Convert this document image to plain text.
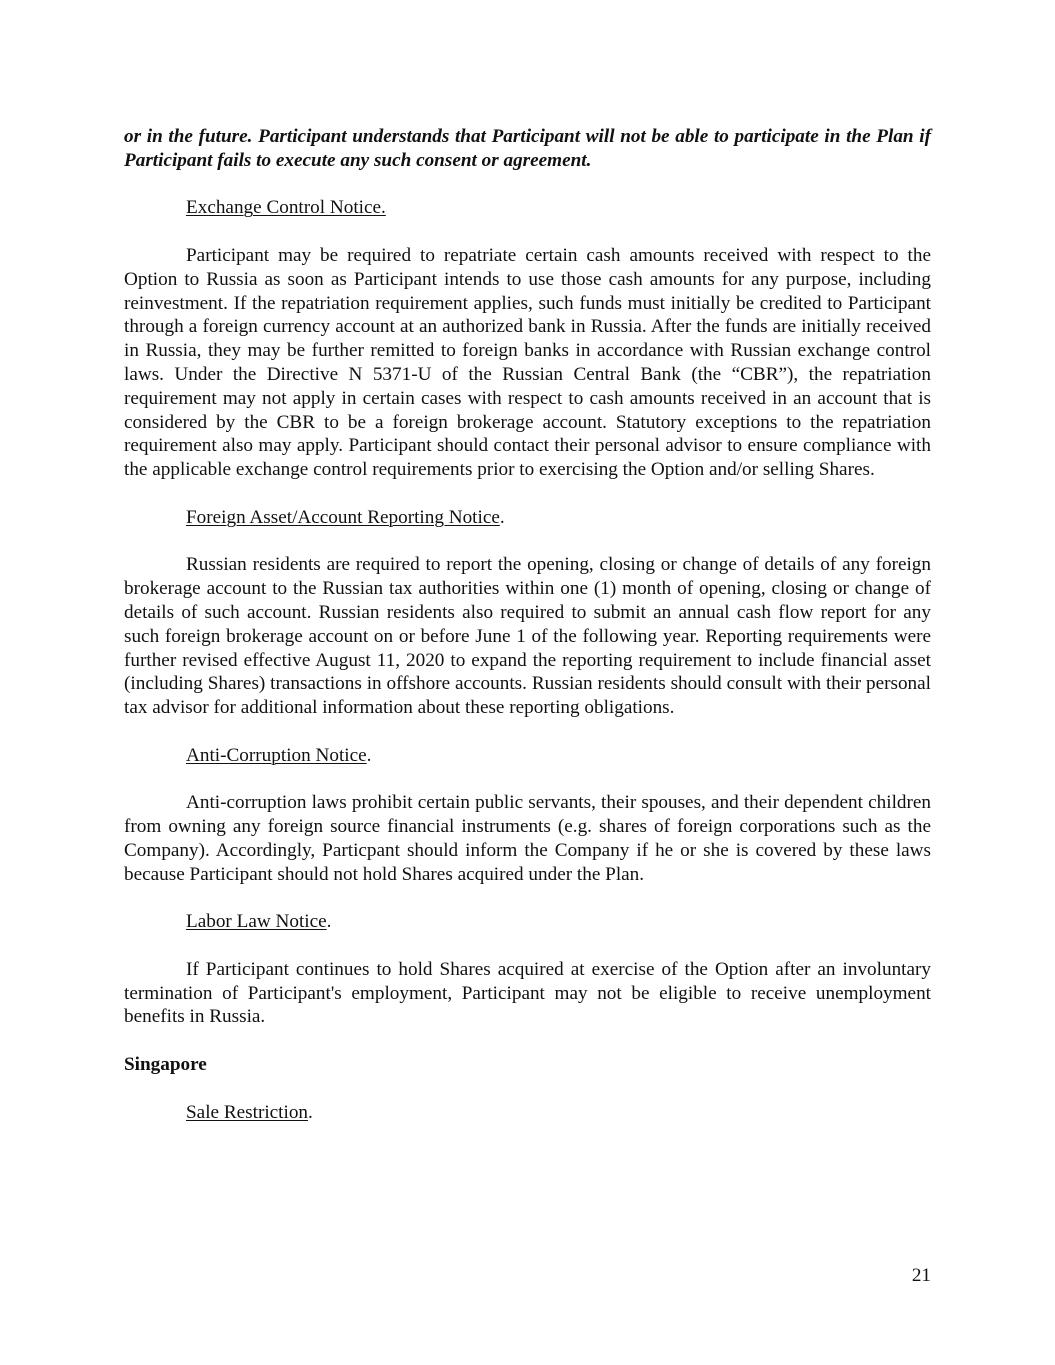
or in the future. Participant understands that Participant will not be able to participate in the Plan if Participant fails to execute any such consent or agreement.

Exchange Control Notice.

Participant may be required to repatriate certain cash amounts received with respect to the Option to Russia as soon as Participant intends to use those cash amounts for any purpose, including reinvestment. If the repatriation requirement applies, such funds must initially be credited to Participant through a foreign currency account at an authorized bank in Russia. After the funds are initially received in Russia, they may be further remitted to foreign banks in accordance with Russian exchange control laws. Under the Directive N 5371-U of the Russian Central Bank (the “CBR”), the repatriation requirement may not apply in certain cases with respect to cash amounts received in an account that is considered by the CBR to be a foreign brokerage account. Statutory exceptions to the repatriation requirement also may apply. Participant should contact their personal advisor to ensure compliance with the applicable exchange control requirements prior to exercising the Option and/or selling Shares.

Foreign Asset/Account Reporting Notice.

Russian residents are required to report the opening, closing or change of details of any foreign brokerage account to the Russian tax authorities within one (1) month of opening, closing or change of details of such account. Russian residents also required to submit an annual cash flow report for any such foreign brokerage account on or before June 1 of the following year. Reporting requirements were further revised effective August 11, 2020 to expand the reporting requirement to include financial asset (including Shares) transactions in offshore accounts. Russian residents should consult with their personal tax advisor for additional information about these reporting obligations.

Anti-Corruption Notice.

Anti-corruption laws prohibit certain public servants, their spouses, and their dependent children from owning any foreign source financial instruments (e.g. shares of foreign corporations such as the Company). Accordingly, Particpant should inform the Company if he or she is covered by these laws because Participant should not hold Shares acquired under the Plan.

Labor Law Notice.

If Participant continues to hold Shares acquired at exercise of the Option after an involuntary termination of Participant's employment, Participant may not be eligible to receive unemployment benefits in Russia.

Singapore

Sale Restriction.

21
